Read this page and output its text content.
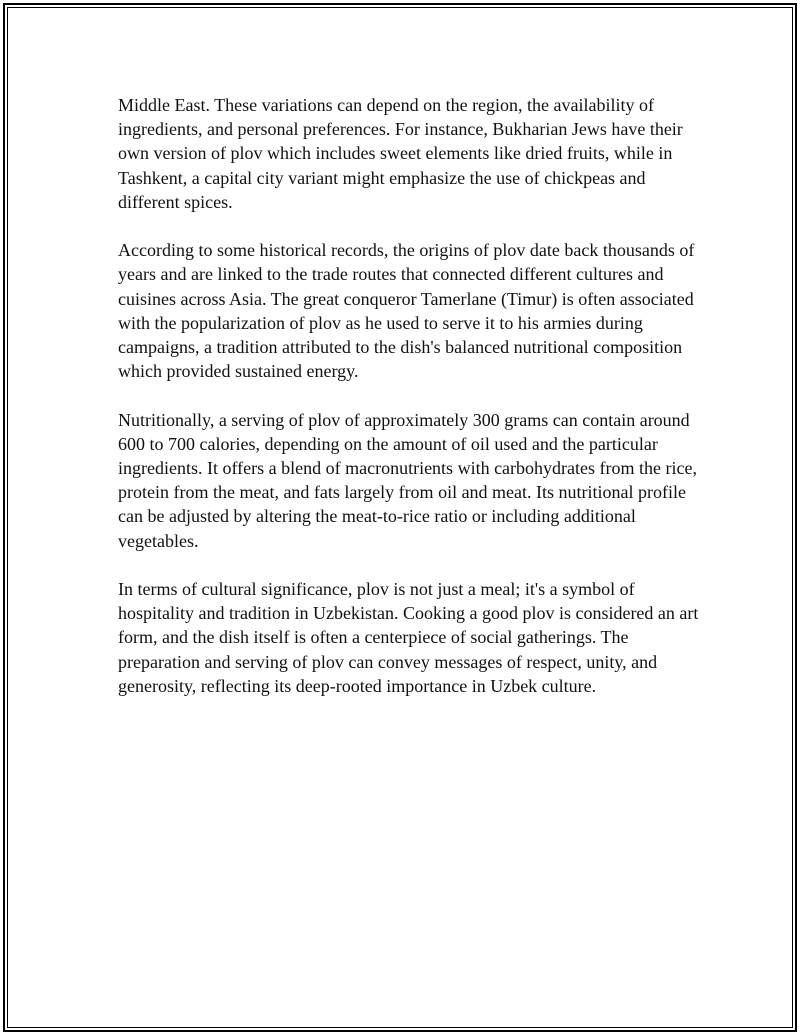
Middle East. These variations can depend on the region, the availability of ingredients, and personal preferences. For instance, Bukharian Jews have their own version of plov which includes sweet elements like dried fruits, while in Tashkent, a capital city variant might emphasize the use of chickpeas and different spices.

According to some historical records, the origins of plov date back thousands of years and are linked to the trade routes that connected different cultures and cuisines across Asia. The great conqueror Tamerlane (Timur) is often associated with the popularization of plov as he used to serve it to his armies during campaigns, a tradition attributed to the dish's balanced nutritional composition which provided sustained energy.

Nutritionally, a serving of plov of approximately 300 grams can contain around 600 to 700 calories, depending on the amount of oil used and the particular ingredients. It offers a blend of macronutrients with carbohydrates from the rice, protein from the meat, and fats largely from oil and meat. Its nutritional profile can be adjusted by altering the meat-to-rice ratio or including additional vegetables.

In terms of cultural significance, plov is not just a meal; it's a symbol of hospitality and tradition in Uzbekistan. Cooking a good plov is considered an art form, and the dish itself is often a centerpiece of social gatherings. The preparation and serving of plov can convey messages of respect, unity, and generosity, reflecting its deep-rooted importance in Uzbek culture.
